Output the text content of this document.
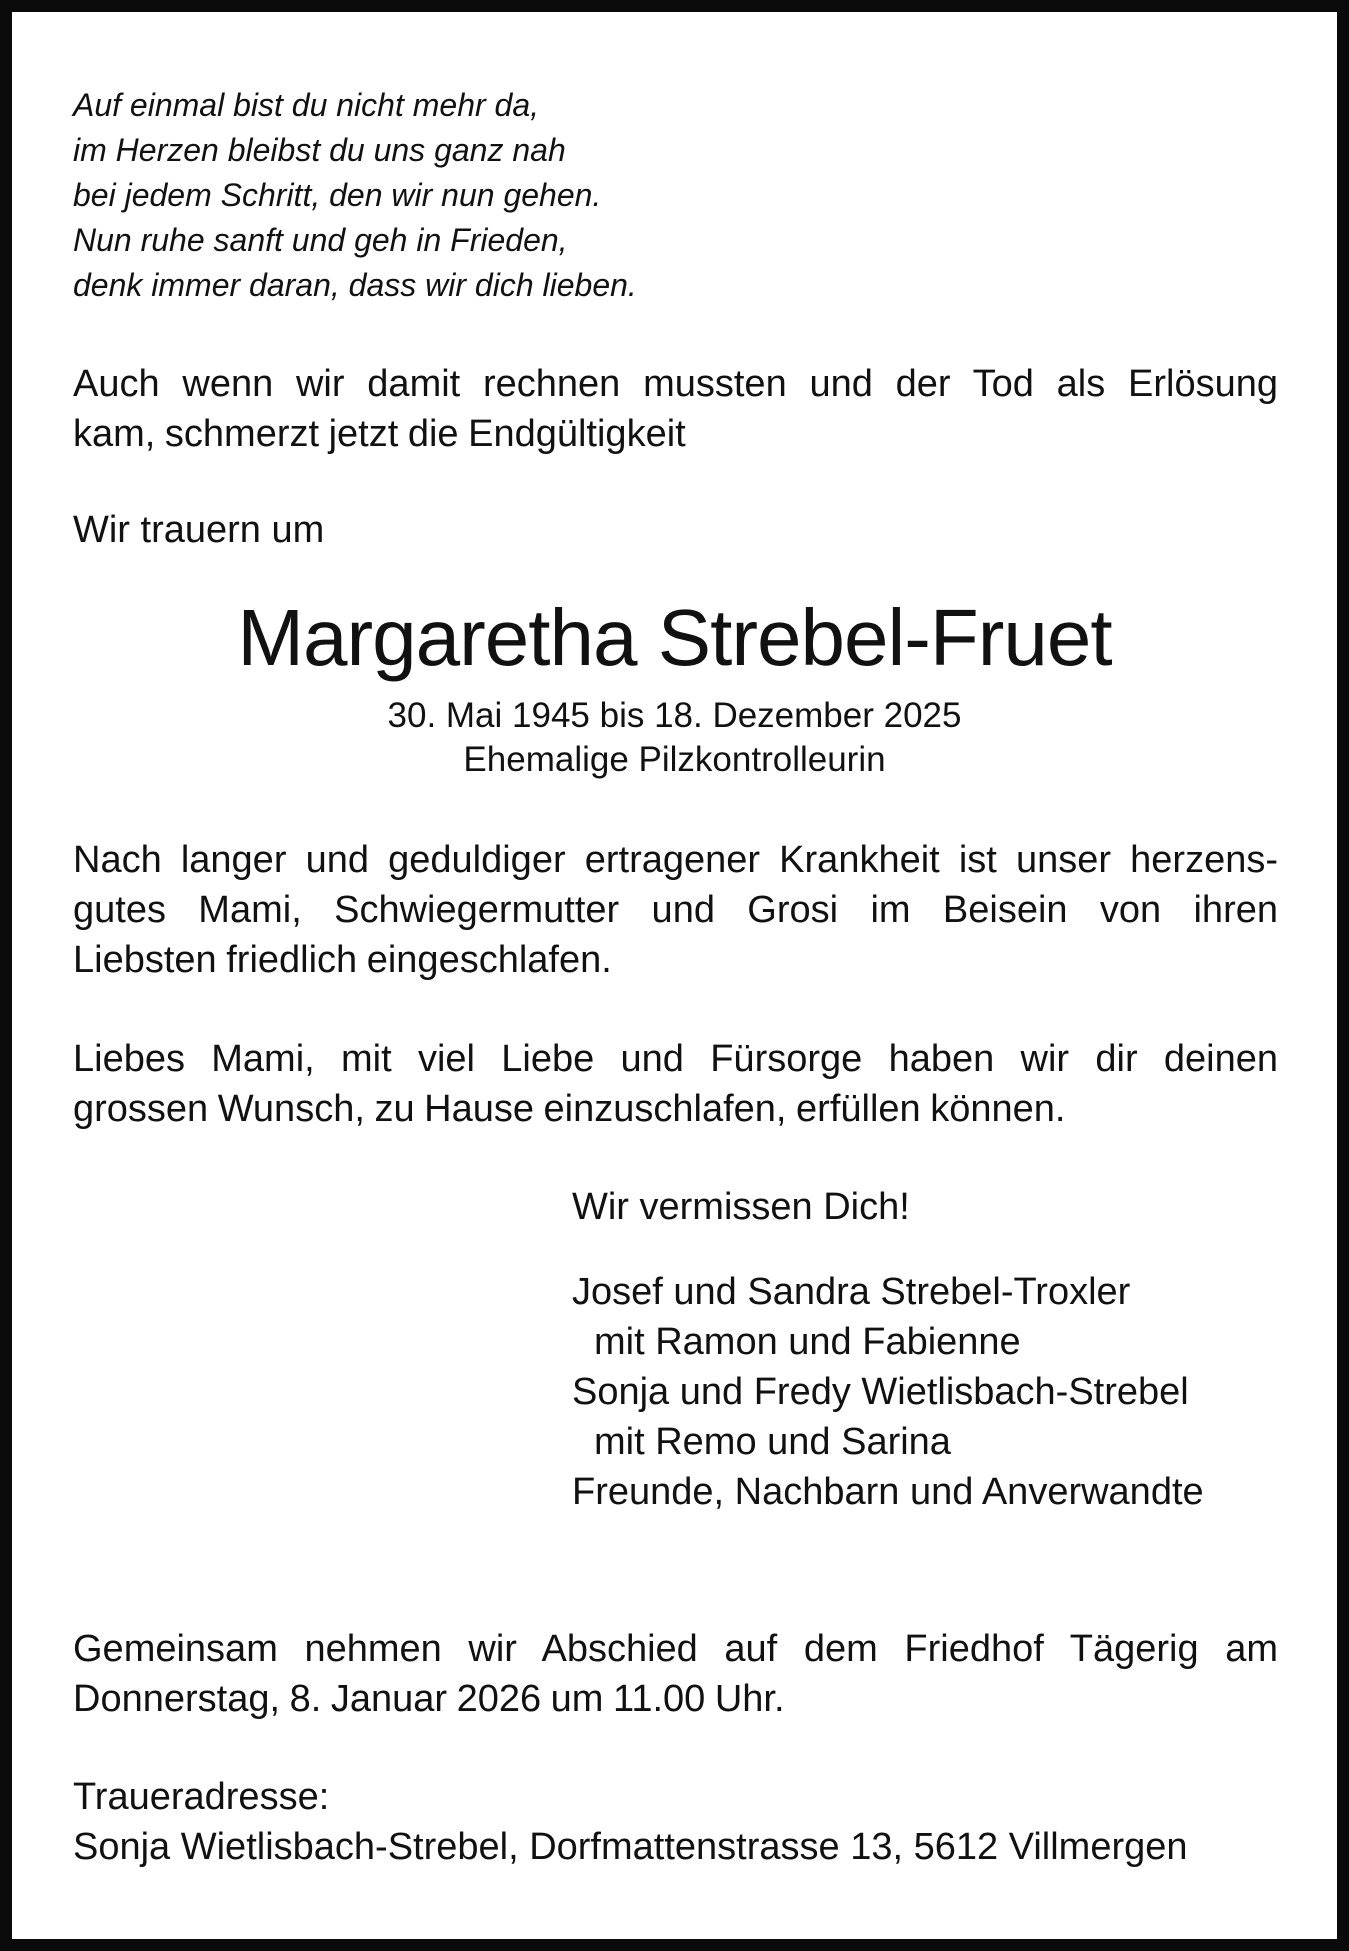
Auf einmal bist du nicht mehr da,
im Herzen bleibst du uns ganz nah
bei jedem Schritt, den wir nun gehen.
Nun ruhe sanft und geh in Frieden,
denk immer daran, dass wir dich lieben.
Auch wenn wir damit rechnen mussten und der Tod als Erlösung
kam, schmerzt jetzt die Endgültigkeit
Wir trauern um
Margaretha Strebel-Fruet
30. Mai 1945 bis 18. Dezember 2025
Ehemalige Pilzkontrolleurin
Nach langer und geduldiger ertragener Krankheit ist unser herzens-
gutes Mami, Schwiegermutter und Grosi im Beisein von ihren
Liebsten friedlich eingeschlafen.
Liebes Mami, mit viel Liebe und Fürsorge haben wir dir deinen
grossen Wunsch, zu Hause einzuschlafen, erfüllen können.
Wir vermissen Dich!
Josef und Sandra Strebel-Troxler
mit Ramon und Fabienne
Sonja und Fredy Wietlisbach-Strebel
mit Remo und Sarina
Freunde, Nachbarn und Anverwandte
Gemeinsam nehmen wir Abschied auf dem Friedhof Tägerig am
Donnerstag, 8. Januar 2026 um 11.00 Uhr.
Traueradresse:
Sonja Wietlisbach-Strebel, Dorfmattenstrasse 13, 5612 Villmergen
